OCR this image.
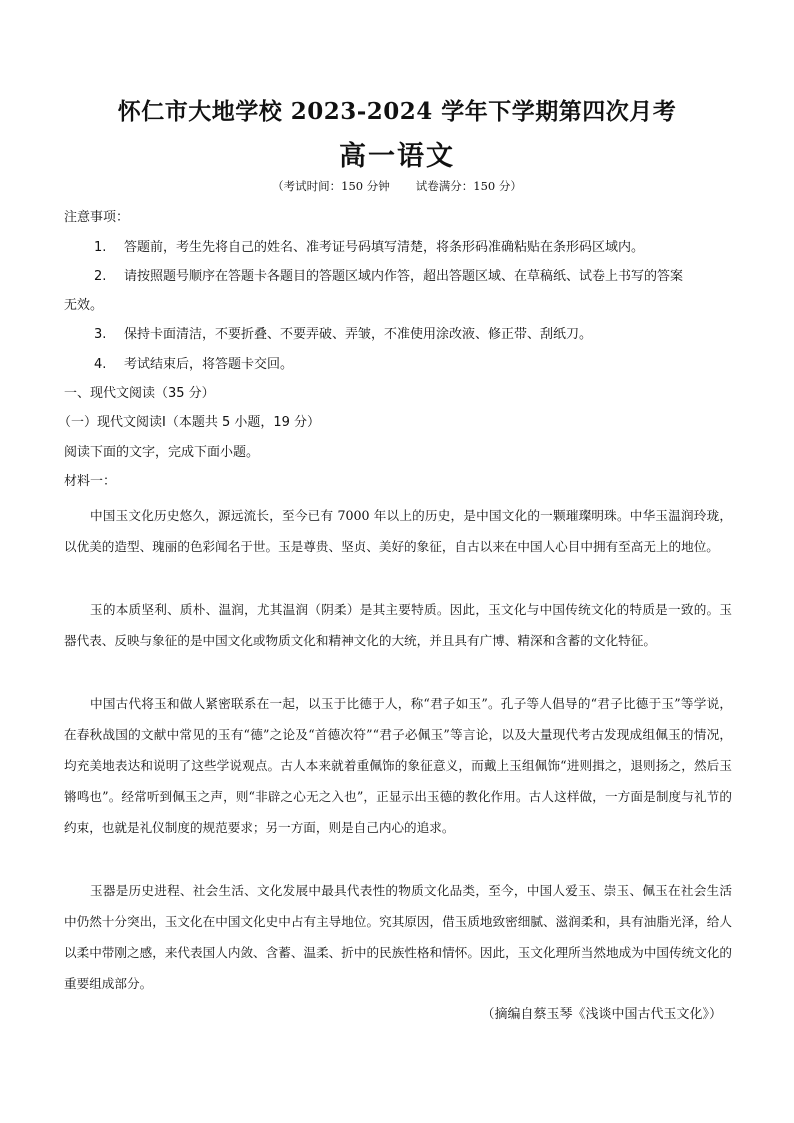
怀仁市大地学校 2023-2024 学年下学期第四次月考
高一语文
（考试时间：150 分钟 试卷满分：150 分）
注意事项：
1. 答题前，考生先将自己的姓名、准考证号码填写清楚，将条形码准确粘贴在条形码区域内。
2. 请按照题号顺序在答题卡各题目的答题区域内作答，超出答题区域、在草稿纸、试卷上书写的答案
无效。
3. 保持卡面清洁，不要折叠、不要弄破、弄皱，不准使用涂改液、修正带、刮纸刀。
4. 考试结束后，将答题卡交回。
一、现代文阅读（35 分）
（一）现代文阅读Ⅰ（本题共 5 小题，19 分）
阅读下面的文字，完成下面小题。
材料一：

中国玉文化历史悠久，源远流长，至今已有 7000 年以上的历史，是中国文化的一颗璀璨明珠。中华玉温润玲珑，以优美的造型、瑰丽的色彩闻名于世。玉是尊贵、坚贞、美好的象征，自古以来在中国人心目中拥有至高无上的地位。

玉的本质坚利、质朴、温润，尤其温润（阴柔）是其主要特质。因此，玉文化与中国传统文化的特质是一致的。玉器代表、反映与象征的是中国文化或物质文化和精神文化的大统，并且具有广博、精深和含蓄的文化特征。

中国古代将玉和做人紧密联系在一起，以玉于比德于人，称“君子如玉”。孔子等人倡导的“君子比德于玉”等学说，在春秋战国的文献中常见的玉有“德”之论及“首德次符”“君子必佩玉”等言论，以及大量现代考古发现成组佩玉的情况，均充美地表达和说明了这些学说观点。古人本来就着重佩饰的象征意义，而戴上玉组佩饰“进则揖之，退则扬之，然后玉锵鸣也”。经常听到佩玉之声，则“非辟之心无之入也”，正显示出玉德的教化作用。古人这样做，一方面是制度与礼节的约束，也就是礼仪制度的规范要求；另一方面，则是自己内心的追求。

玉器是历史进程、社会生活、文化发展中最具代表性的物质文化品类，至今，中国人爱玉、崇玉、佩玉在社会生活中仍然十分突出，玉文化在中国文化史中占有主导地位。究其原因，借玉质地致密细腻、滋润柔和，具有油脂光泽，给人以柔中带刚之感，来代表国人内敛、含蓄、温柔、折中的民族性格和情怀。因此，玉文化理所当然地成为中国传统文化的重要组成部分。

（摘编自蔡玉琴《浅谈中国古代玉文化》）
